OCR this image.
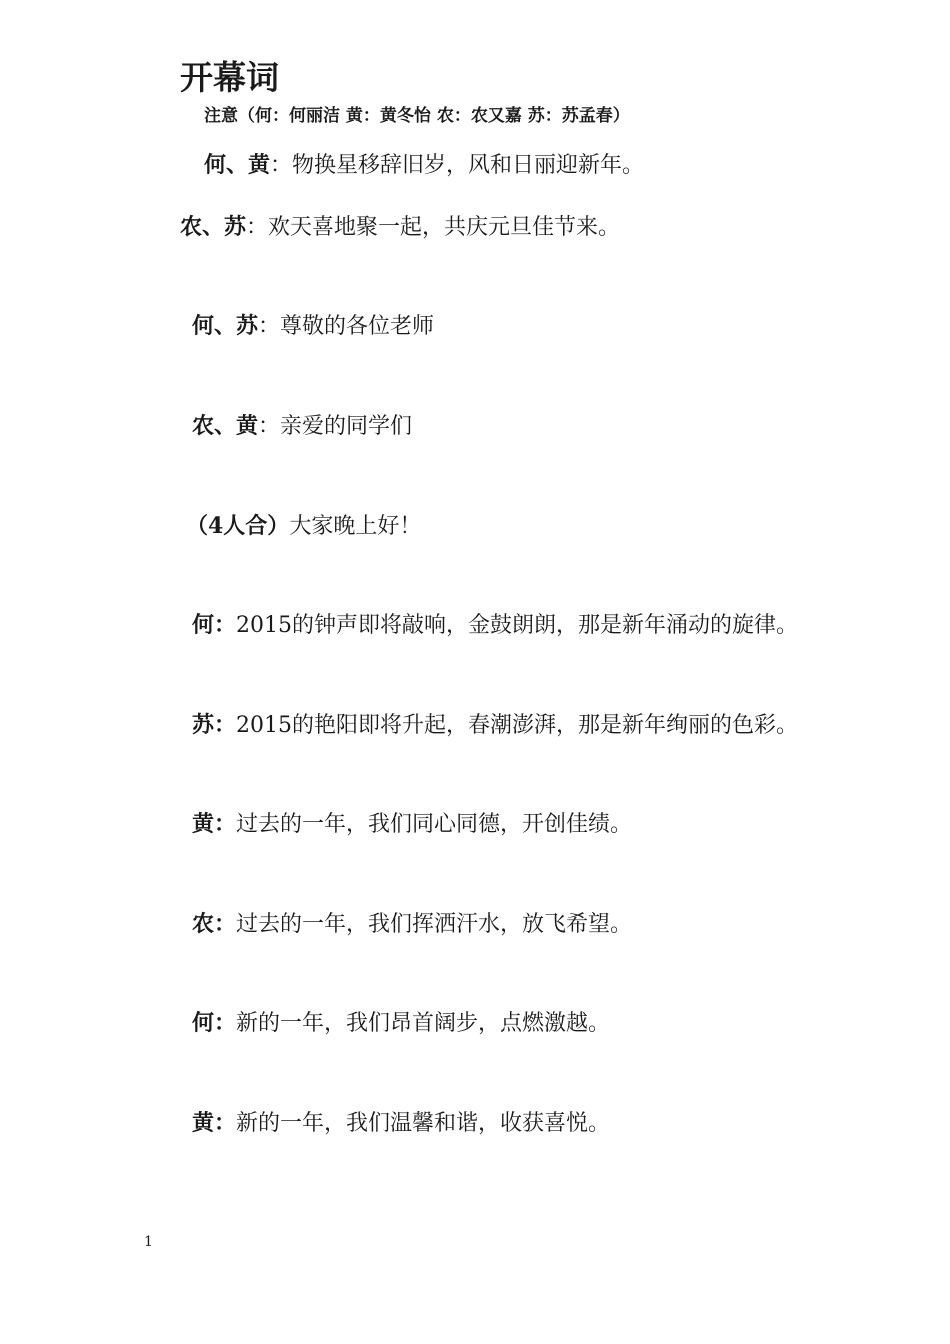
开幕词
注意（何：何丽洁 黄：黄冬怡 农：农又嘉 苏：苏孟春）
何、黄：物换星移辞旧岁，风和日丽迎新年。
农、苏：欢天喜地聚一起，共庆元旦佳节来。
何、苏：尊敬的各位老师
农、黄：亲爱的同学们
（4人合）大家晚上好！
何：2015的钟声即将敲响，金鼓朗朗，那是新年涌动的旋律。
苏：2015的艳阳即将升起，春潮澎湃，那是新年绚丽的色彩。
黄：过去的一年，我们同心同德，开创佳绩。
农：过去的一年，我们挥洒汗水，放飞希望。
何：新的一年，我们昂首阔步，点燃激越。
黄：新的一年，我们温馨和谐，收获喜悦。
1
